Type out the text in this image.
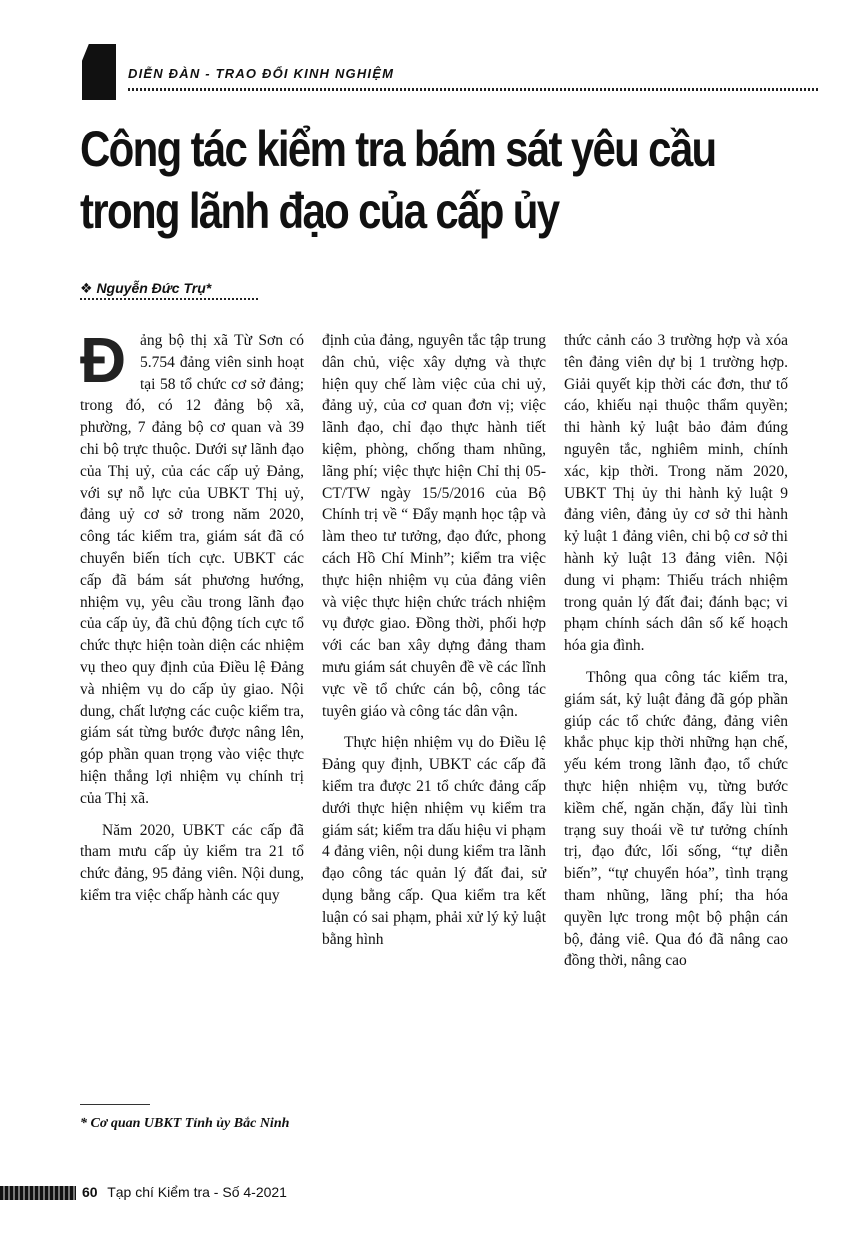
DIỄN ĐÀN - TRAO ĐỔI KINH NGHIỆM
Công tác kiểm tra bám sát yêu cầu
trong lãnh đạo của cấp ủy
❖ Nguyễn Đức Trụ*

Đảng bộ thị xã Từ Sơn có 5.754 đảng viên sinh hoạt tại 58 tổ chức cơ sở đảng; trong đó, có 12 đảng bộ xã, phường, 7 đảng bộ cơ quan và 39 chi bộ trực thuộc. Dưới sự lãnh đạo của Thị uỷ, của các cấp uỷ Đảng, với sự nỗ lực của UBKT Thị uỷ, đảng uỷ cơ sở trong năm 2020, công tác kiểm tra, giám sát đã có chuyển biến tích cực. UBKT các cấp đã bám sát phương hướng, nhiệm vụ, yêu cầu trong lãnh đạo của cấp ủy, đã chủ động tích cực tổ chức thực hiện toàn diện các nhiệm vụ theo quy định của Điều lệ Đảng và nhiệm vụ do cấp ủy giao. Nội dung, chất lượng các cuộc kiểm tra, giám sát từng bước được nâng lên, góp phần quan trọng vào việc thực hiện thắng lợi nhiệm vụ chính trị của Thị xã.

Năm 2020, UBKT các cấp đã tham mưu cấp ủy kiểm tra 21 tổ chức đảng, 95 đảng viên. Nội dung, kiểm tra việc chấp hành các quy

định của đảng, nguyên tắc tập trung dân chủ, việc xây dựng và thực hiện quy chế làm việc của chi uỷ, đảng uỷ, của cơ quan đơn vị; việc lãnh đạo, chỉ đạo thực hành tiết kiệm, phòng, chống tham nhũng, lãng phí; việc thực hiện Chỉ thị 05-CT/TW ngày 15/5/2016 của Bộ Chính trị về “ Đẩy mạnh học tập và làm theo tư tưởng, đạo đức, phong cách Hồ Chí Minh”; kiểm tra việc thực hiện nhiệm vụ của đảng viên và việc thực hiện chức trách nhiệm vụ được giao. Đồng thời, phối hợp với các ban xây dựng đảng tham mưu giám sát chuyên đề về các lĩnh vực về tổ chức cán bộ, công tác tuyên giáo và công tác dân vận.

Thực hiện nhiệm vụ do Điều lệ Đảng quy định, UBKT các cấp đã kiểm tra được 21 tổ chức đảng cấp dưới thực hiện nhiệm vụ kiểm tra giám sát; kiểm tra dấu hiệu vi phạm 4 đảng viên, nội dung kiểm tra lãnh đạo công tác quản lý đất đai, sử dụng bằng cấp. Qua kiểm tra kết luận có sai phạm, phải xử lý kỷ luật bằng hình

thức cảnh cáo 3 trường hợp và xóa tên đảng viên dự bị 1 trường hợp. Giải quyết kịp thời các đơn, thư tố cáo, khiếu nại thuộc thẩm quyền; thi hành kỷ luật bảo đảm đúng nguyên tắc, nghiêm minh, chính xác, kịp thời. Trong năm 2020, UBKT Thị ủy thi hành kỷ luật 9 đảng viên, đảng ủy cơ sở thi hành kỷ luật 1 đảng viên, chi bộ cơ sở thi hành kỷ luật 13 đảng viên. Nội dung vi phạm: Thiếu trách nhiệm trong quản lý đất đai; đánh bạc; vi phạm chính sách dân số kế hoạch hóa gia đình.

Thông qua công tác kiểm tra, giám sát, kỷ luật đảng đã góp phần giúp các tổ chức đảng, đảng viên khắc phục kịp thời những hạn chế, yếu kém trong lãnh đạo, tổ chức thực hiện nhiệm vụ, từng bước kiềm chế, ngăn chặn, đẩy lùi tình trạng suy thoái về tư tưởng chính trị, đạo đức, lối sống, “tự diễn biến”, “tự chuyển hóa”, tình trạng tham nhũng, lãng phí; tha hóa quyền lực trong một bộ phận cán bộ, đảng viê. Qua đó đã nâng cao đồng thời, nâng cao

* Cơ quan UBKT Tỉnh ủy Bắc Ninh
60 Tạp chí Kiểm tra - Số 4-2021
